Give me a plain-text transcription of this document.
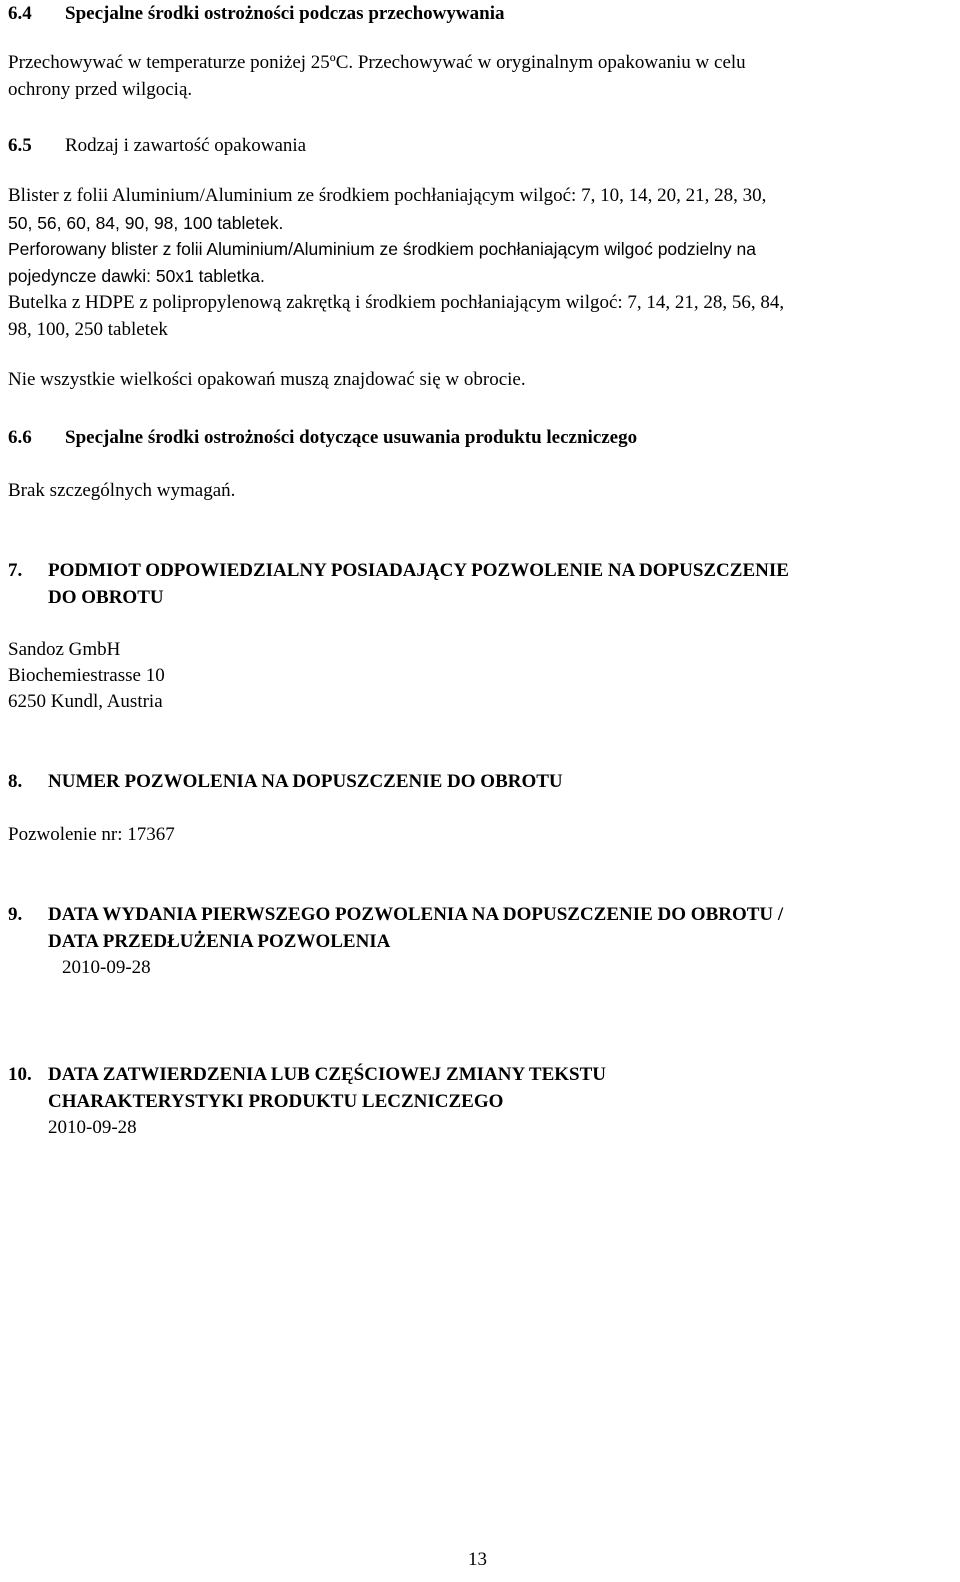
6.4 Specjalne środki ostrożności podczas przechowywania
Przechowywać w temperaturze poniżej 25ºC. Przechowywać w oryginalnym opakowaniu w celu
ochrony przed wilgocią.
6.5 Rodzaj i zawartość opakowania
Blister z folii Aluminium/Aluminium ze środkiem pochłaniającym wilgoć: 7, 10, 14, 20, 21, 28, 30,
50, 56, 60, 84, 90, 98, 100 tabletek.
Perforowany blister z folii Aluminium/Aluminium ze środkiem pochłaniającym wilgoć podzielny na
pojedyncze dawki: 50x1 tabletka.
Butelka z HDPE z polipropylenową zakrętką i środkiem pochłaniającym wilgoć: 7, 14, 21, 28, 56, 84,
98, 100, 250 tabletek
Nie wszystkie wielkości opakowań muszą znajdować się w obrocie.
6.6 Specjalne środki ostrożności dotyczące usuwania produktu leczniczego
Brak szczególnych wymagań.
7. PODMIOT ODPOWIEDZIALNY POSIADAJĄCY POZWOLENIE NA DOPUSZCZENIE
DO OBROTU
Sandoz GmbH
Biochemiestrasse 10
6250 Kundl, Austria
8. NUMER POZWOLENIA NA DOPUSZCZENIE DO OBROTU
Pozwolenie nr: 17367
9. DATA WYDANIA PIERWSZEGO POZWOLENIA NA DOPUSZCZENIE DO OBROTU /
DATA PRZEDŁUŻENIA POZWOLENIA
2010-09-28
10. DATA ZATWIERDZENIA LUB CZĘŚCIOWEJ ZMIANY TEKSTU
CHARAKTERYSTYKI PRODUKTU LECZNICZEGO
2010-09-28
13
